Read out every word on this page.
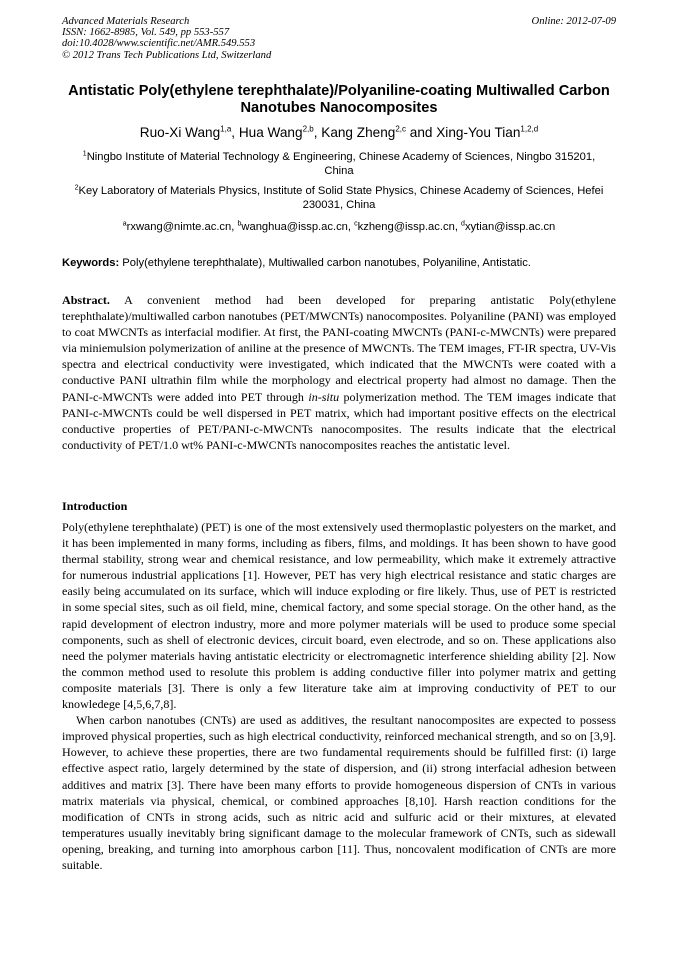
Advanced Materials Research
ISSN: 1662-8985, Vol. 549, pp 553-557
doi:10.4028/www.scientific.net/AMR.549.553
© 2012 Trans Tech Publications Ltd, Switzerland
Online: 2012-07-09
Antistatic Poly(ethylene terephthalate)/Polyaniline-coating Multiwalled Carbon Nanotubes Nanocomposites
Ruo-Xi Wang$^{1,a}$, Hua Wang$^{2,b}$, Kang Zheng$^{2,c}$ and Xing-You Tian$^{1,2,d}$
$^1$Ningbo Institute of Material Technology & Engineering, Chinese Academy of Sciences, Ningbo 315201, China
$^2$Key Laboratory of Materials Physics, Institute of Solid State Physics, Chinese Academy of Sciences, Hefei 230031, China
$^a$rxwang@nimte.ac.cn, $^b$wanghua@issp.ac.cn, $^c$kzheng@issp.ac.cn, $^d$xytian@issp.ac.cn
Keywords: Poly(ethylene terephthalate), Multiwalled carbon nanotubes, Polyaniline, Antistatic.

Abstract. A convenient method had been developed for preparing antistatic Poly(ethylene terephthalate)/multiwalled carbon nanotubes (PET/MWCNTs) nanocomposites. Polyaniline (PANI) was employed to coat MWCNTs as interfacial modifier. At first, the PANI-coating MWCNTs (PANI-c-MWCNTs) were prepared via miniemulsion polymerization of aniline at the presence of MWCNTs. The TEM images, FT-IR spectra, UV-Vis spectra and electrical conductivity were investigated, which indicated that the MWCNTs were coated with a conductive PANI ultrathin film while the morphology and electrical property had almost no damage. Then the PANI-c-MWCNTs were added into PET through in-situ polymerization method. The TEM images indicate that PANI-c-MWCNTs could be well dispersed in PET matrix, which had important positive effects on the electrical conductive properties of PET/PANI-c-MWCNTs nanocomposites. The results indicate that the electrical conductivity of PET/1.0 wt% PANI-c-MWCNTs nanocomposites reaches the antistatic level.

Introduction

Poly(ethylene terephthalate) (PET) is one of the most extensively used thermoplastic polyesters on the market, and it has been implemented in many forms, including as fibers, films, and moldings. It has been shown to have good thermal stability, strong wear and chemical resistance, and low permeability, which make it extremely attractive for numerous industrial applications [1]. However, PET has very high electrical resistance and static charges are easily being accumulated on its surface, which will induce exploding or fire likely. Thus, use of PET is restricted in some special sites, such as oil field, mine, chemical factory, and some special storage. On the other hand, as the rapid development of electron industry, more and more polymer materials will be used to produce some special components, such as shell of electronic devices, circuit board, even electrode, and so on. These applications also need the polymer materials having antistatic electricity or electromagnetic interference shielding ability [2]. Now the common method used to resolute this problem is adding conductive filler into polymer matrix and getting composite materials [3]. There is only a few literature take aim at improving conductivity of PET to our knowledege [4,5,6,7,8].

When carbon nanotubes (CNTs) are used as additives, the resultant nanocomposites are expected to possess improved physical properties, such as high electrical conductivity, reinforced mechanical strength, and so on [3,9]. However, to achieve these properties, there are two fundamental requirements should be fulfilled first: (i) large effective aspect ratio, largely determined by the state of dispersion, and (ii) strong interfacial adhesion between additives and matrix [3]. There have been many efforts to provide homogeneous dispersion of CNTs in various matrix materials via physical, chemical, or combined approaches [8,10]. Harsh reaction conditions for the modification of CNTs in strong acids, such as nitric acid and sulfuric acid or their mixtures, at elevated temperatures usually inevitably bring significant damage to the molecular framework of CNTs, such as sidewall opening, breaking, and turning into amorphous carbon [11]. Thus, noncovalent modification of CNTs are more suitable.
